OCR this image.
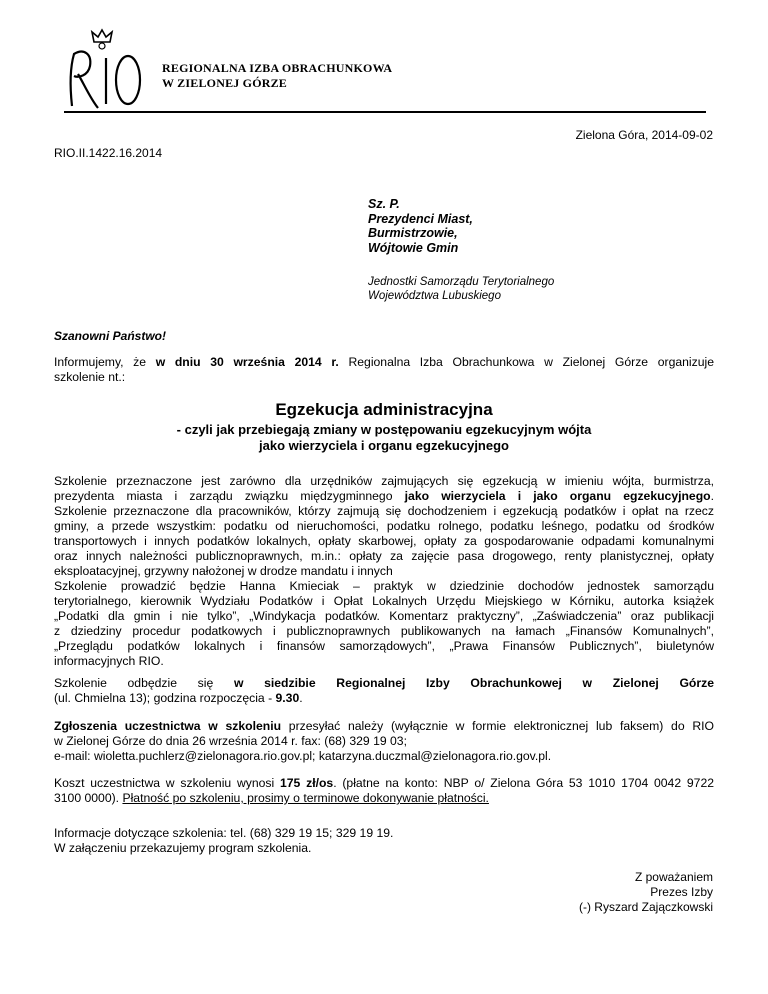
RIO
REGIONALNA IZBA OBRACHUNKOWA
W ZIELONEJ GÓRZE
Zielona Góra, 2014-09-02
RIO.II.1422.16.2014
Sz. P.
Prezydenci Miast,
Burmistrzowie,
Wójtowie Gmin
Jednostki Samorządu Terytorialnego
Województwa Lubuskiego
Szanowni Państwo!
Informujemy, że w dniu 30 września 2014 r. Regionalna Izba Obrachunkowa w Zielonej Górze organizuje
szkolenie nt.:
Egzekucja administracyjna
- czyli jak przebiegają zmiany w postępowaniu egzekucyjnym wójta
jako wierzyciela i organu egzekucyjnego
Szkolenie przeznaczone jest zarówno dla urzędników zajmujących się egzekucją w imieniu wójta, burmistrza,
prezydenta miasta i zarządu związku międzygminnego jako wierzyciela i jako organu egzekucyjnego.
Szkolenie przeznaczone dla pracowników, którzy zajmują się dochodzeniem i egzekucją podatków i opłat na rzecz
gminy, a przede wszystkim: podatku od nieruchomości, podatku rolnego, podatku leśnego, podatku od środków
transportowych i innych podatków lokalnych, opłaty skarbowej, opłaty za gospodarowanie odpadami komunalnymi
oraz innych należności publicznoprawnych, m.in.: opłaty za zajęcie pasa drogowego, renty planistycznej, opłaty
eksploatacyjnej, grzywny nałożonej w drodze mandatu i innych
Szkolenie prowadzić będzie Hanna Kmieciak – praktyk w dziedzinie dochodów jednostek samorządu
terytorialnego, kierownik Wydziału Podatków i Opłat Lokalnych Urzędu Miejskiego w Kórniku, autorka książek
„Podatki dla gmin i nie tylko”, „Windykacja podatków. Komentarz praktyczny”, „Zaświadczenia” oraz publikacji
z dziedziny procedur podatkowych i publicznoprawnych publikowanych na łamach „Finansów Komunalnych”,
„Przeglądu podatków lokalnych i finansów samorządowych”, „Prawa Finansów Publicznych”, biuletynów
informacyjnych RIO.
Szkolenie odbędzie się w siedzibie Regionalnej Izby Obrachunkowej w Zielonej Górze
(ul. Chmielna 13); godzina rozpoczęcia - 9.30.
Zgłoszenia uczestnictwa w szkoleniu przesyłać należy (wyłącznie w formie elektronicznej lub faksem) do RIO
w Zielonej Górze do dnia 26 września 2014 r. fax: (68) 329 19 03;
e-mail: wioletta.puchlerz@zielonagora.rio.gov.pl; katarzyna.duczmal@zielonagora.rio.gov.pl.
Koszt uczestnictwa w szkoleniu wynosi 175 zł/os. (płatne na konto: NBP o/ Zielona Góra 53 1010 1704 0042 9722
3100 0000). Płatność po szkoleniu, prosimy o terminowe dokonywanie płatności.
Informacje dotyczące szkolenia: tel. (68) 329 19 15; 329 19 19.
W załączeniu przekazujemy program szkolenia.
Z poważaniem
Prezes Izby
(-) Ryszard Zajączkowski
